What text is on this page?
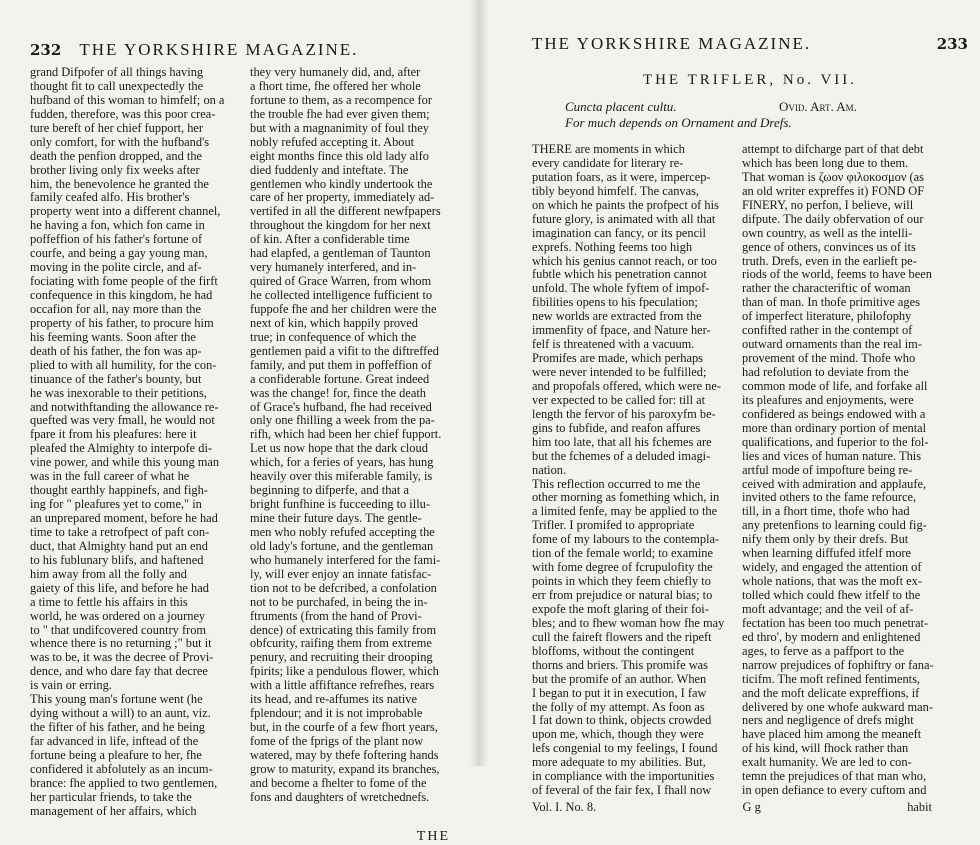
232 THE YORKSHIRE MAGAZINE.
grand Difpofer of all things having
thought fit to call unexpectedly the
hufband of this woman to himfelf; on a
fudden, therefore, was this poor crea-
ture bereft of her chief fupport, her
only comfort, for with the hufband's
death the penfion dropped, and the
brother living only fix weeks after
him, the benevolence he granted the
family ceafed alfo. His brother's
property went into a different channel,
he having a fon, which fon came in
poffeffion of his father's fortune of
courfe, and being a gay young man,
moving in the polite circle, and af-
fociating with fome people of the firft
confequence in this kingdom, he had
occafion for all, nay more than the
property of his father, to procure him
his feeming wants. Soon after the
death of his father, the fon was ap-
plied to with all humility, for the con-
tinuance of the father's bounty, but
he was inexorable to their petitions,
and notwithftanding the allowance re-
quefted was very fmall, he would not
fpare it from his pleafures: here it
pleafed the Almighty to interpofe di-
vine power, and while this young man
was in the full career of what he
thought earthly happinefs, and figh-
ing for " pleafures yet to come," in
an unprepared moment, before he had
time to take a retrofpect of paft con-
duct, that Almighty hand put an end
to his fublunary blifs, and haftened
him away from all the folly and
gaiety of this life, and before he had
a time to fettle his affairs in this
world, he was ordered on a journey
to " that undifcovered country from
whence there is no returning ;" but it
was to be, it was the decree of Provi-
dence, and who dare fay that decree
is vain or erring.
This young man's fortune went (he
dying without a will) to an aunt, viz.
the fifter of his father, and he being
far advanced in life, inftead of the
fortune being a pleafure to her, fhe
confidered it abfolutely as an incum-
brance: fhe applied to two gentlemen,
her particular friends, to take the
management of her affairs, which
they very humanely did, and, after
a fhort time, fhe offered her whole
fortune to them, as a recompence for
the trouble fhe had ever given them;
but with a magnanimity of foul they
nobly refufed accepting it. About
eight months fince this old lady alfo
died fuddenly and inteftate. The
gentlemen who kindly undertook the
care of her property, immediately ad-
vertifed in all the different newfpapers
throughout the kingdom for her next
of kin. After a confiderable time
had elapfed, a gentleman of Taunton
very humanely interfered, and in-
quired of Grace Warren, from whom
he collected intelligence fufficient to
fuppofe fhe and her children were the
next of kin, which happily proved
true; in confequence of which the
gentlemen paid a vifit to the diftreffed
family, and put them in poffeffion of
a confiderable fortune. Great indeed
was the change! for, fince the death
of Grace's hufband, fhe had received
only one fhilling a week from the pa-
rifh, which had been her chief fupport.
Let us now hope that the dark cloud
which, for a feries of years, has hung
heavily over this miferable family, is
beginning to difperfe, and that a
bright funfhine is fucceeding to illu-
mine their future days. The gentle-
men who nobly refufed accepting the
old lady's fortune, and the gentleman
who humanely interfered for the fami-
ly, will ever enjoy an innate fatisfac-
tion not to be defcribed, a confolation
not to be purchafed, in being the in-
ftruments (from the hand of Provi-
dence) of extricating this family from
obfcurity, raifing them from extreme
penury, and recruiting their drooping
fpirits; like a pendulous flower, which
with a little affiftance refrefhes, rears
its head, and re-affumes its native
fplendour; and it is not improbable
but, in the courfe of a few fhort years,
fome of the fprigs of the plant now
watered, may by thefe foftering hands
grow to maturity, expand its branches,
and become a fhelter to fome of the
fons and daughters of wretchednefs.
THE
THE YORKSHIRE MAGAZINE.	233
THE TRIFLER, No. VII.
Cuncta placent cultu.	Ovid. Art. Am.
For much depends on Ornament and Drefs.
THERE are moments in which
every candidate for literary re-
putation foars, as it were, impercep-
tibly beyond himfelf. The canvas,
on which he paints the profpect of his
future glory, is animated with all that
imagination can fancy, or its pencil
exprefs. Nothing feems too high
which his genius cannot reach, or too
fubtle which his penetration cannot
unfold. The whole fyftem of impof-
fibilities opens to his fpeculation;
new worlds are extracted from the
immenfity of fpace, and Nature her-
felf is threatened with a vacuum.
Promifes are made, which perhaps
were never intended to be fulfilled;
and propofals offered, which were ne-
ver expected to be called for: till at
length the fervor of his paroxyfm be-
gins to fubfide, and reafon affures
him too late, that all his fchemes are
but the fchemes of a deluded imagi-
nation.
This reflection occurred to me the
other morning as fomething which, in
a limited fenfe, may be applied to the
Trifler. I promifed to appropriate
fome of my labours to the contempla-
tion of the female world; to examine
with fome degree of fcrupulofity the
points in which they feem chiefly to
err from prejudice or natural bias; to
expofe the moft glaring of their foi-
bles; and to fhew woman how fhe may
cull the faireft flowers and the ripeft
bloffoms, without the contingent
thorns and briers. This promife was
but the promife of an author. When
I began to put it in execution, I faw
the folly of my attempt. As foon as
I fat down to think, objects crowded
upon me, which, though they were
lefs congenial to my feelings, I found
more adequate to my abilities. But,
in compliance with the importunities
of feveral of the fair fex, I fhall now
attempt to difcharge part of that debt
which has been long due to them.
That woman is ζωον φιλοκοσμον (as
an old writer expreffes it) FOND OF
FINERY, no perfon, I believe, will
difpute. The daily obfervation of our
own country, as well as the intelli-
gence of others, convinces us of its
truth. Drefs, even in the earlieft pe-
riods of the world, feems to have been
rather the characteriftic of woman
than of man. In thofe primitive ages
of imperfect literature, philofophy
confifted rather in the contempt of
outward ornaments than the real im-
provement of the mind. Thofe who
had refolution to deviate from the
common mode of life, and forfake all
its pleafures and enjoyments, were
confidered as beings endowed with a
more than ordinary portion of mental
qualifications, and fuperior to the fol-
lies and vices of human nature. This
artful mode of impofture being re-
ceived with admiration and applaufe,
invited others to the fame refource,
till, in a fhort time, thofe who had
any pretenfions to learning could fig-
nify them only by their drefs. But
when learning diffufed itfelf more
widely, and engaged the attention of
whole nations, that was the moft ex-
tolled which could fhew itfelf to the
moft advantage; and the veil of af-
fectation has been too much penetrat-
ed thro', by modern and enlightened
ages, to ferve as a paffport to the
narrow prejudices of fophiftry or fana-
ticifm. The moft refined fentiments,
and the moft delicate expreffions, if
delivered by one whofe aukward man-
ners and negligence of drefs might
have placed him among the meaneft
of his kind, will fhock rather than
exalt humanity. We are led to con-
temn the prejudices of that man who,
in open defiance to every cuftom and
Vol. I. No. 8.	G g	habit
